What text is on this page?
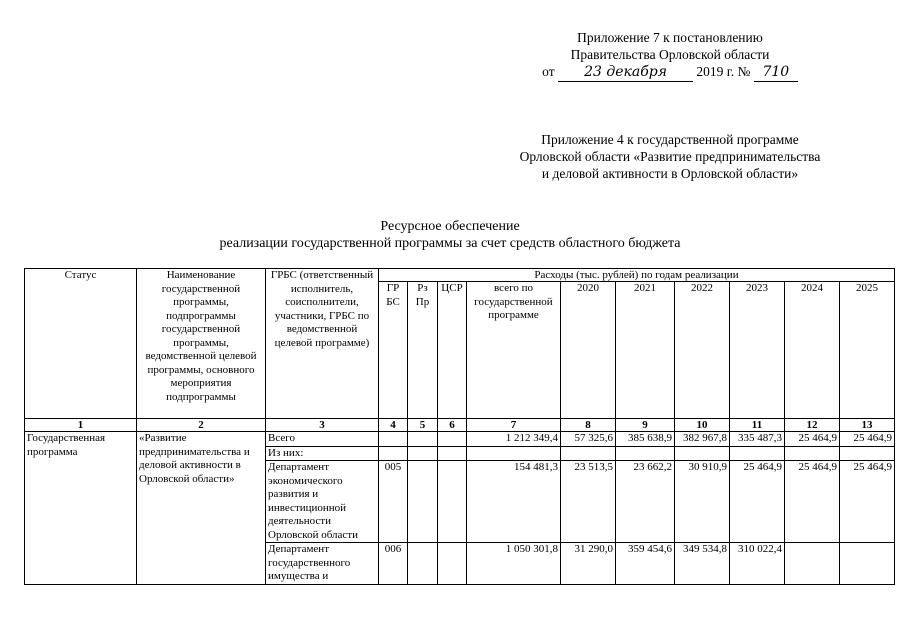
Приложение 7 к постановлению
Правительства Орловской области
от 23 декабря 2019 г. № 710
Приложение 4 к государственной программе
Орловской области «Развитие предпринимательства
и деловой активности в Орловской области»
Ресурсное обеспечение
реализации государственной программы за счет средств областного бюджета
Статус	Наименование государственной программы, подпрограммы государственной программы, ведомственной целевой программы, основного мероприятия подпрограммы	ГРБС (ответственный исполнитель, соисполнители, участники, ГРБС по ведомственной целевой программе)	Расходы (тыс. рублей) по годам реализации									
			ГР БС	Рз Пр	ЦСР	всего по государственной программе	2020	2021	2022	2023	2024	2025
1	2	3	4	5	6	7	8	9	10	11	12	13
Государственная программа	«Развитие предпринимательства и деловой активности в Орловской области»	Всего				1 212 349,4	57 325,6	385 638,9	382 967,8	335 487,3	25 464,9	25 464,9
		Из них:										
		Департамент экономического развития и инвестиционной деятельности Орловской области	005			154 481,3	23 513,5	23 662,2	30 910,9	25 464,9	25 464,9	25 464,9
		Департамент государственного имущества и	006			1 050 301,8	31 290,0	359 454,6	349 534,8	310 022,4		
